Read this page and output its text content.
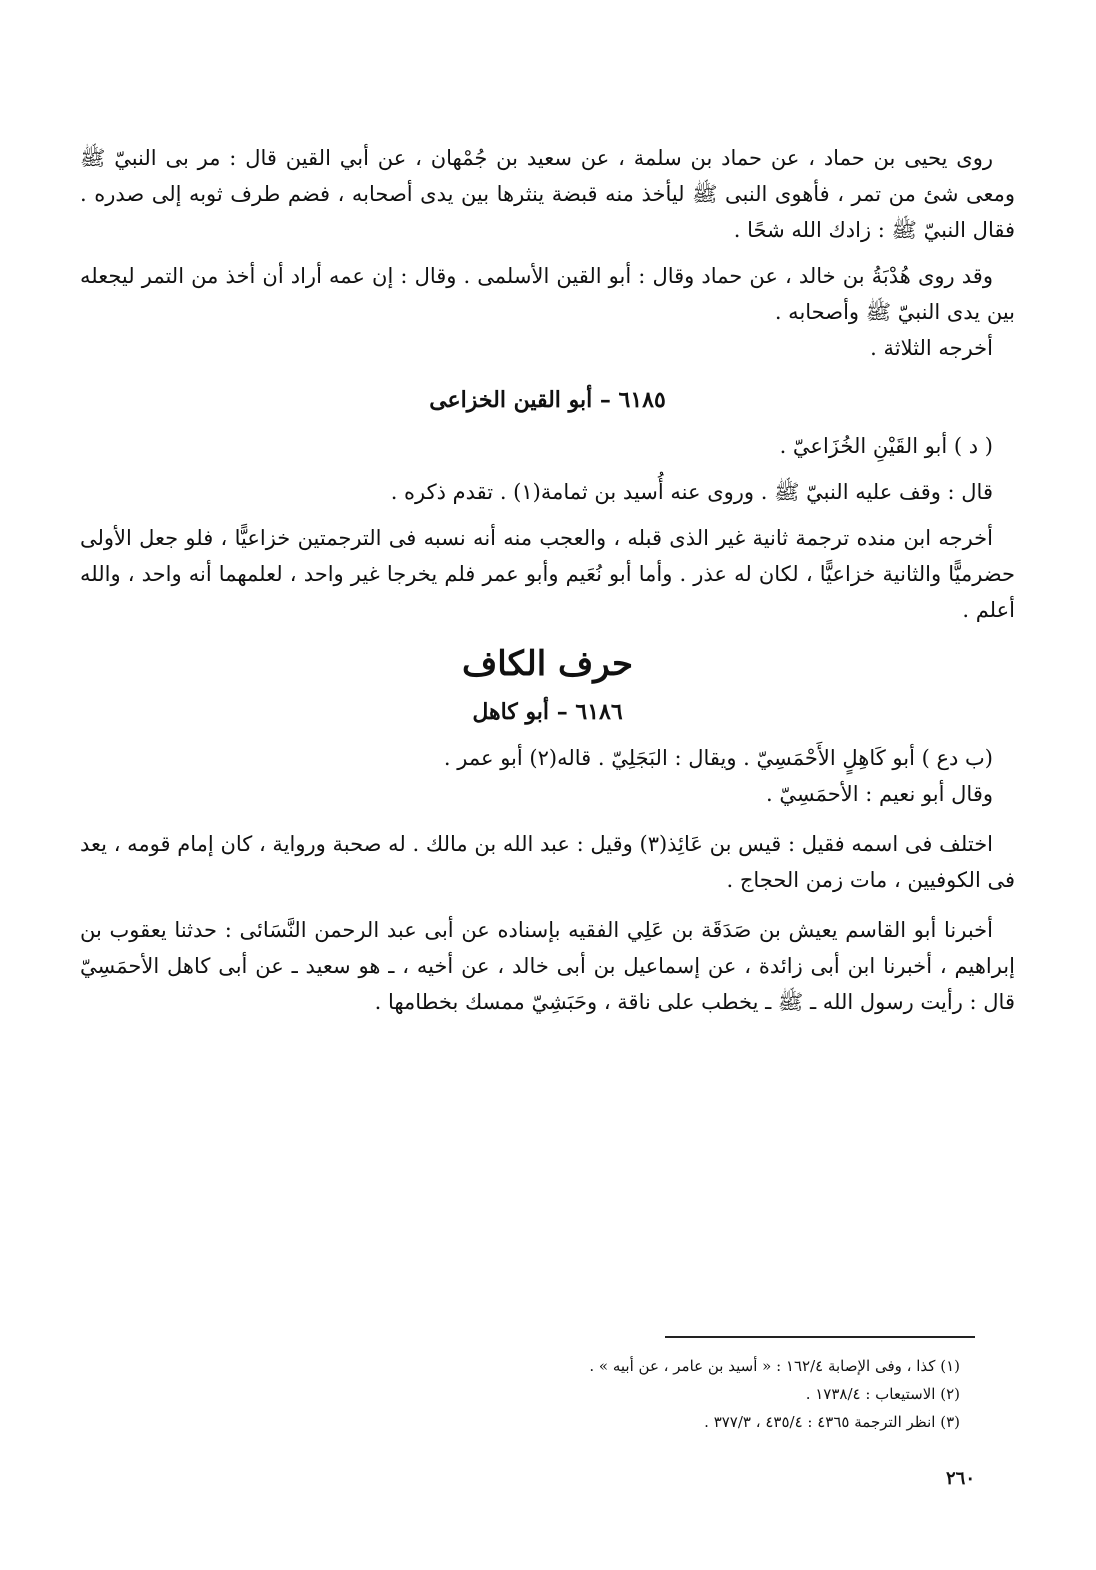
روى يحيى بن حماد ، عن حماد بن سلمة ، عن سعيد بن جُمْهان ، عن أبي القين قال : مر بى النبيّ ﷺ ومعى شئ من تمر ، فأهوى النبى ﷺ ليأخذ منه قبضة ينثرها بين يدى أصحابه ، فضم طرف ثوبه إلى صدره . فقال النبيّ ﷺ : زادك الله شحًا .

وقد روى هُدْبَةُ بن خالد ، عن حماد وقال : أبو القين الأسلمى . وقال : إن عمه أراد أن أخذ من التمر ليجعله بين يدى النبيّ ﷺ وأصحابه .

أخرجه الثلاثة .

٦١٨٥ – أبو القين الخزاعى

( د ) أبو القَيْنِ الخُزَاعيّ .

قال : وقف عليه النبيّ ﷺ . وروى عنه أُسيد بن ثمامة(١) . تقدم ذكره .

أخرجه ابن منده ترجمة ثانية غير الذى قبله ، والعجب منه أنه نسبه فى الترجمتين خزاعيًّا ، فلو جعل الأولى حضرميًّا والثانية خزاعيًّا ، لكان له عذر . وأما أبو نُعَيم وأبو عمر فلم يخرجا غير واحد ، لعلمهما أنه واحد ، والله أعلم .

حرف الكاف

٦١٨٦ – أبو كاهل

(ب دع ) أبو كَاهِلٍ الأَحْمَسِيّ . ويقال : البَجَلِيّ . قاله(٢) أبو عمر .

وقال أبو نعيم : الأحمَسِيّ .

اختلف فى اسمه فقيل : قيس بن عَائِذ(٣) وقيل : عبد الله بن مالك . له صحبة ورواية ، كان إمام قومه ، يعد فى الكوفيين ، مات زمن الحجاج .

أخبرنا أبو القاسم يعيش بن صَدَقَة بن عَلِي الفقيه بإسناده عن أبى عبد الرحمن النَّسَائى : حدثنا يعقوب بن إبراهيم ، أخبرنا ابن أبى زائدة ، عن إسماعيل بن أبى خالد ، عن أخيه ، ـ هو سعيد ـ عن أبى كاهل الأحمَسِيّ قال : رأيت رسول الله ـ ﷺ ـ يخطب على ناقة ، وحَبَشِيّ ممسك بخطامها .

(١) كذا ، وفى الإصابة ١٦٢/٤ : « أسيد بن عامر ، عن أبيه » .

(٢) الاستيعاب : ١٧٣٨/٤ .

(٣) انظر الترجمة ٤٣٦٥ : ٤٣٥/٤ ، ٣٧٧/٣ .

٢٦٠
